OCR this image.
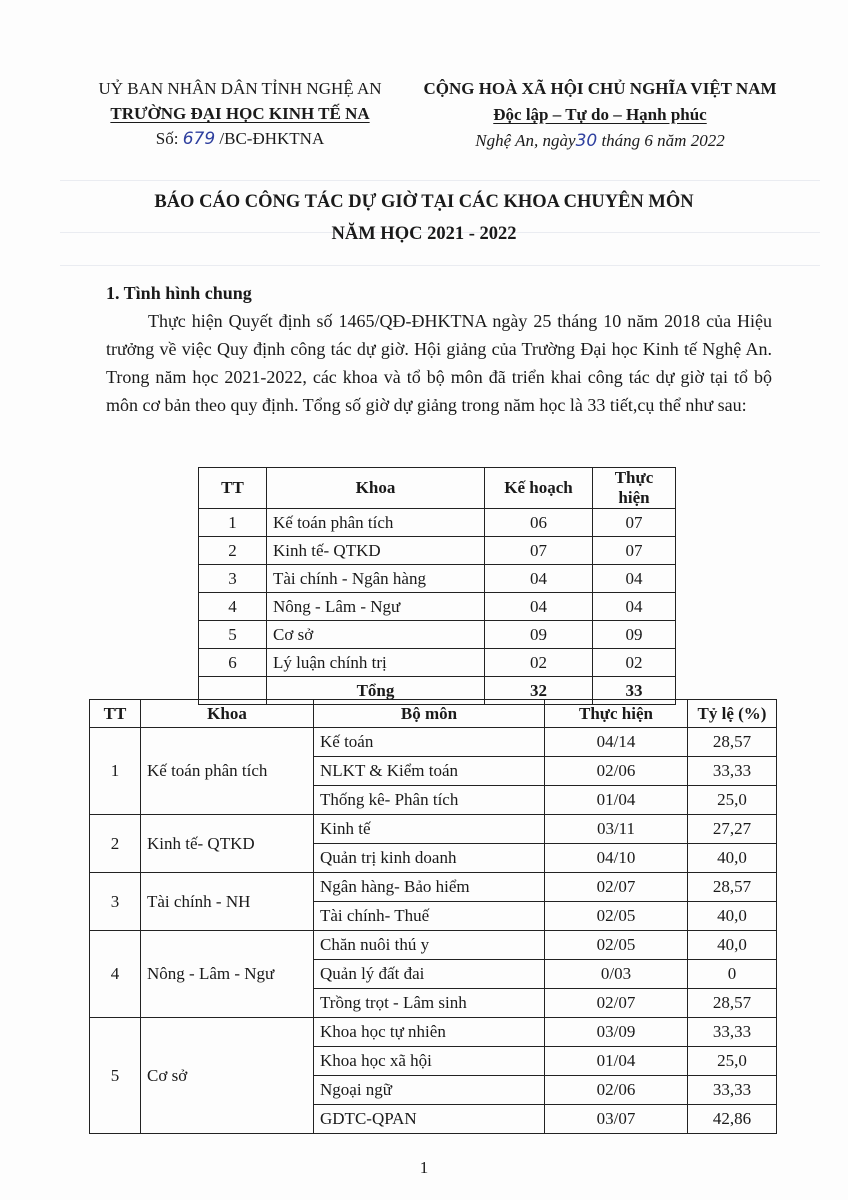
UỶ BAN NHÂN DÂN TỈNH NGHỆ AN
TRƯỜNG ĐẠI HỌC KINH TẾ NA
Số: 679 /BC-ĐHKTNA
CỘNG HOÀ XÃ HỘI CHỦ NGHĨA VIỆT NAM
Độc lập – Tự do – Hạnh phúc
Nghệ An, ngày30 tháng 6 năm 2022
BÁO CÁO CÔNG TÁC DỰ GIỜ TẠI CÁC KHOA CHUYÊN MÔN
NĂM HỌC 2021 - 2022
1. Tình hình chung
Thực hiện Quyết định số 1465/QĐ-ĐHKTNA ngày 25 tháng 10 năm 2018 của Hiệu trưởng về việc Quy định công tác dự giờ. Hội giảng của Trường Đại học Kinh tế Nghệ An. Trong năm học 2021-2022, các khoa và tổ bộ môn đã triển khai công tác dự giờ tại tổ bộ môn cơ bản theo quy định. Tổng số giờ dự giảng trong năm học là 33 tiết,cụ thể như sau:
TT	Khoa	Kế hoạch	Thực hiện
1	Kế toán phân tích	06	07
2	Kinh tế- QTKD	07	07
3	Tài chính - Ngân hàng	04	04
4	Nông - Lâm - Ngư	04	04
5	Cơ sở	09	09
6	Lý luận chính trị	02	02
	Tổng	32	33
TT	Khoa	Bộ môn	Thực hiện	Tỷ lệ (%)
1	Kế toán phân tích	Kế toán	04/14	28,57
		NLKT & Kiểm toán	02/06	33,33
		Thống kê- Phân tích	01/04	25,0
2	Kinh tế- QTKD	Kinh tế	03/11	27,27
		Quản trị kinh doanh	04/10	40,0
3	Tài chính - NH	Ngân hàng- Bảo hiểm	02/07	28,57
		Tài chính- Thuế	02/05	40,0
4	Nông - Lâm - Ngư	Chăn nuôi thú y	02/05	40,0
		Quản lý đất đai	0/03	0
		Trồng trọt - Lâm sinh	02/07	28,57
5	Cơ sở	Khoa học tự nhiên	03/09	33,33
		Khoa học xã hội	01/04	25,0
		Ngoại ngữ	02/06	33,33
		GDTC-QPAN	03/07	42,86
1
